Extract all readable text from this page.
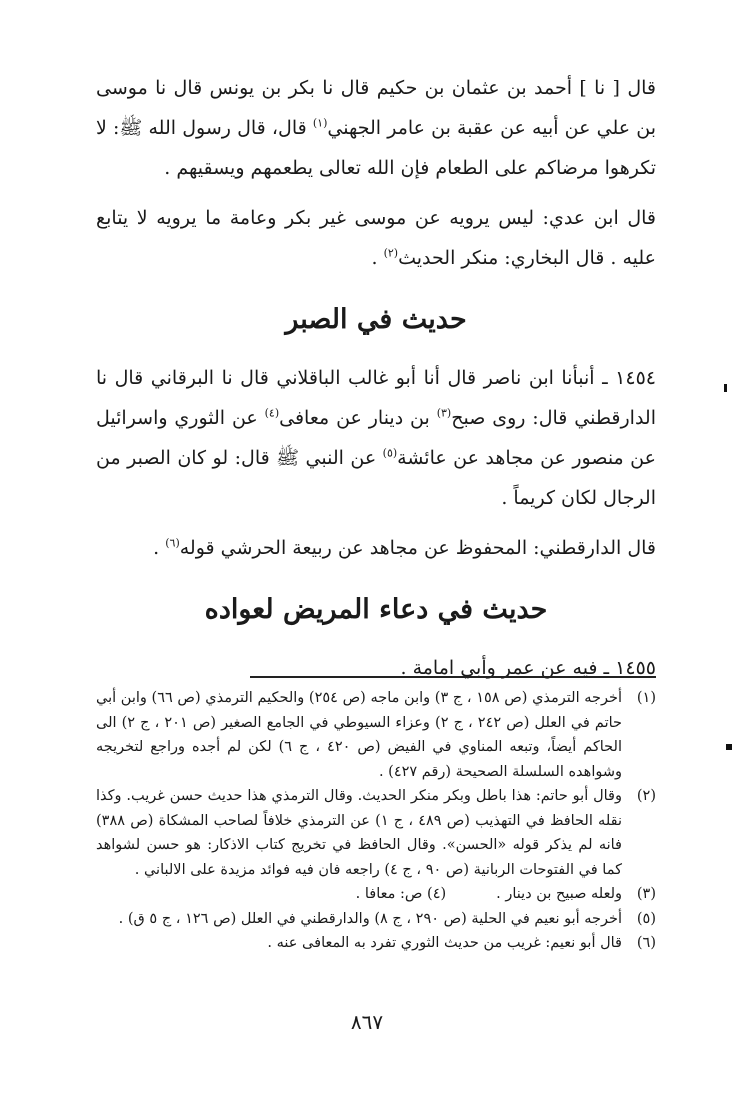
قال [ نا ] أحمد بن عثمان بن حكيم قال نا بكر بن يونس قال نا موسى بن علي عن أبيه عن عقبة بن عامر الجهني$^{(١)}$ قال، قال رسول الله ﷺ: لا تكرهوا مرضاكم على الطعام فإن الله تعالى يطعمهم ويسقيهم .

قال ابن عدي: ليس يرويه عن موسى غير بكر وعامة ما يرويه لا يتابع عليه . قال البخاري: منكر الحديث$^{(٢)}$ .

حديث في الصبر

١٤٥٤ ـ أنبأنا ابن ناصر قال أنا أبو غالب الباقلاني قال نا البرقاني قال نا الدارقطني قال: روى صبح$^{(٣)}$ بن دينار عن معافى$^{(٤)}$ عن الثوري واسرائيل عن منصور عن مجاهد عن عائشة$^{(٥)}$ عن النبي ﷺ قال: لو كان الصبر من الرجال لكان كريماً .

قال الدارقطني: المحفوظ عن مجاهد عن ربيعة الحرشي قوله$^{(٦)}$ .

حديث في دعاء المريض لعواده

١٤٥٥ ـ فيه عن عمر وأبي امامة .

(١)

أخرجه الترمذي (ص ١٥٨ ، ج ٣) وابن ماجه (ص ٢٥٤) والحكيم الترمذي (ص ٦٦) وابن أبي حاتم في العلل (ص ٢٤٢ ، ج ٢) وعزاء السيوطي في الجامع الصغير (ص ٢٠١ ، ج ٢) الى الحاكم أيضاً، وتبعه المناوي في الفيض (ص ٤٢٠ ، ج ٦) لكن لم أجده وراجع لتخريجه وشواهده السلسلة الصحيحة (رقم ٤٢٧) .

(٢)

وقال أبو حاتم: هذا باطل وبكر منكر الحديث. وقال الترمذي هذا حديث حسن غريب. وكذا نقله الحافظ في التهذيب (ص ٤٨٩ ، ج ١) عن الترمذي خلافاً لصاحب المشكاة (ص ٣٨٨) فانه لم يذكر قوله «الحسن». وقال الحافظ في تخريج كتاب الاذكار: هو حسن لشواهد كما في الفتوحات الربانية (ص ٩٠ ، ج ٤) راجعه فان فيه فوائد مزيدة على الالباني .

(٣)
ولعله صبيح بن دينار .(٤) ص: معافا .
(٥)

أخرجه أبو نعيم في الحلية (ص ٢٩٠ ، ج ٨) والدارقطني في العلل (ص ١٢٦ ، ج ٥ ق) .

(٦)

قال أبو نعيم: غريب من حديث الثوري تفرد به المعافى عنه .

٨٦٧
